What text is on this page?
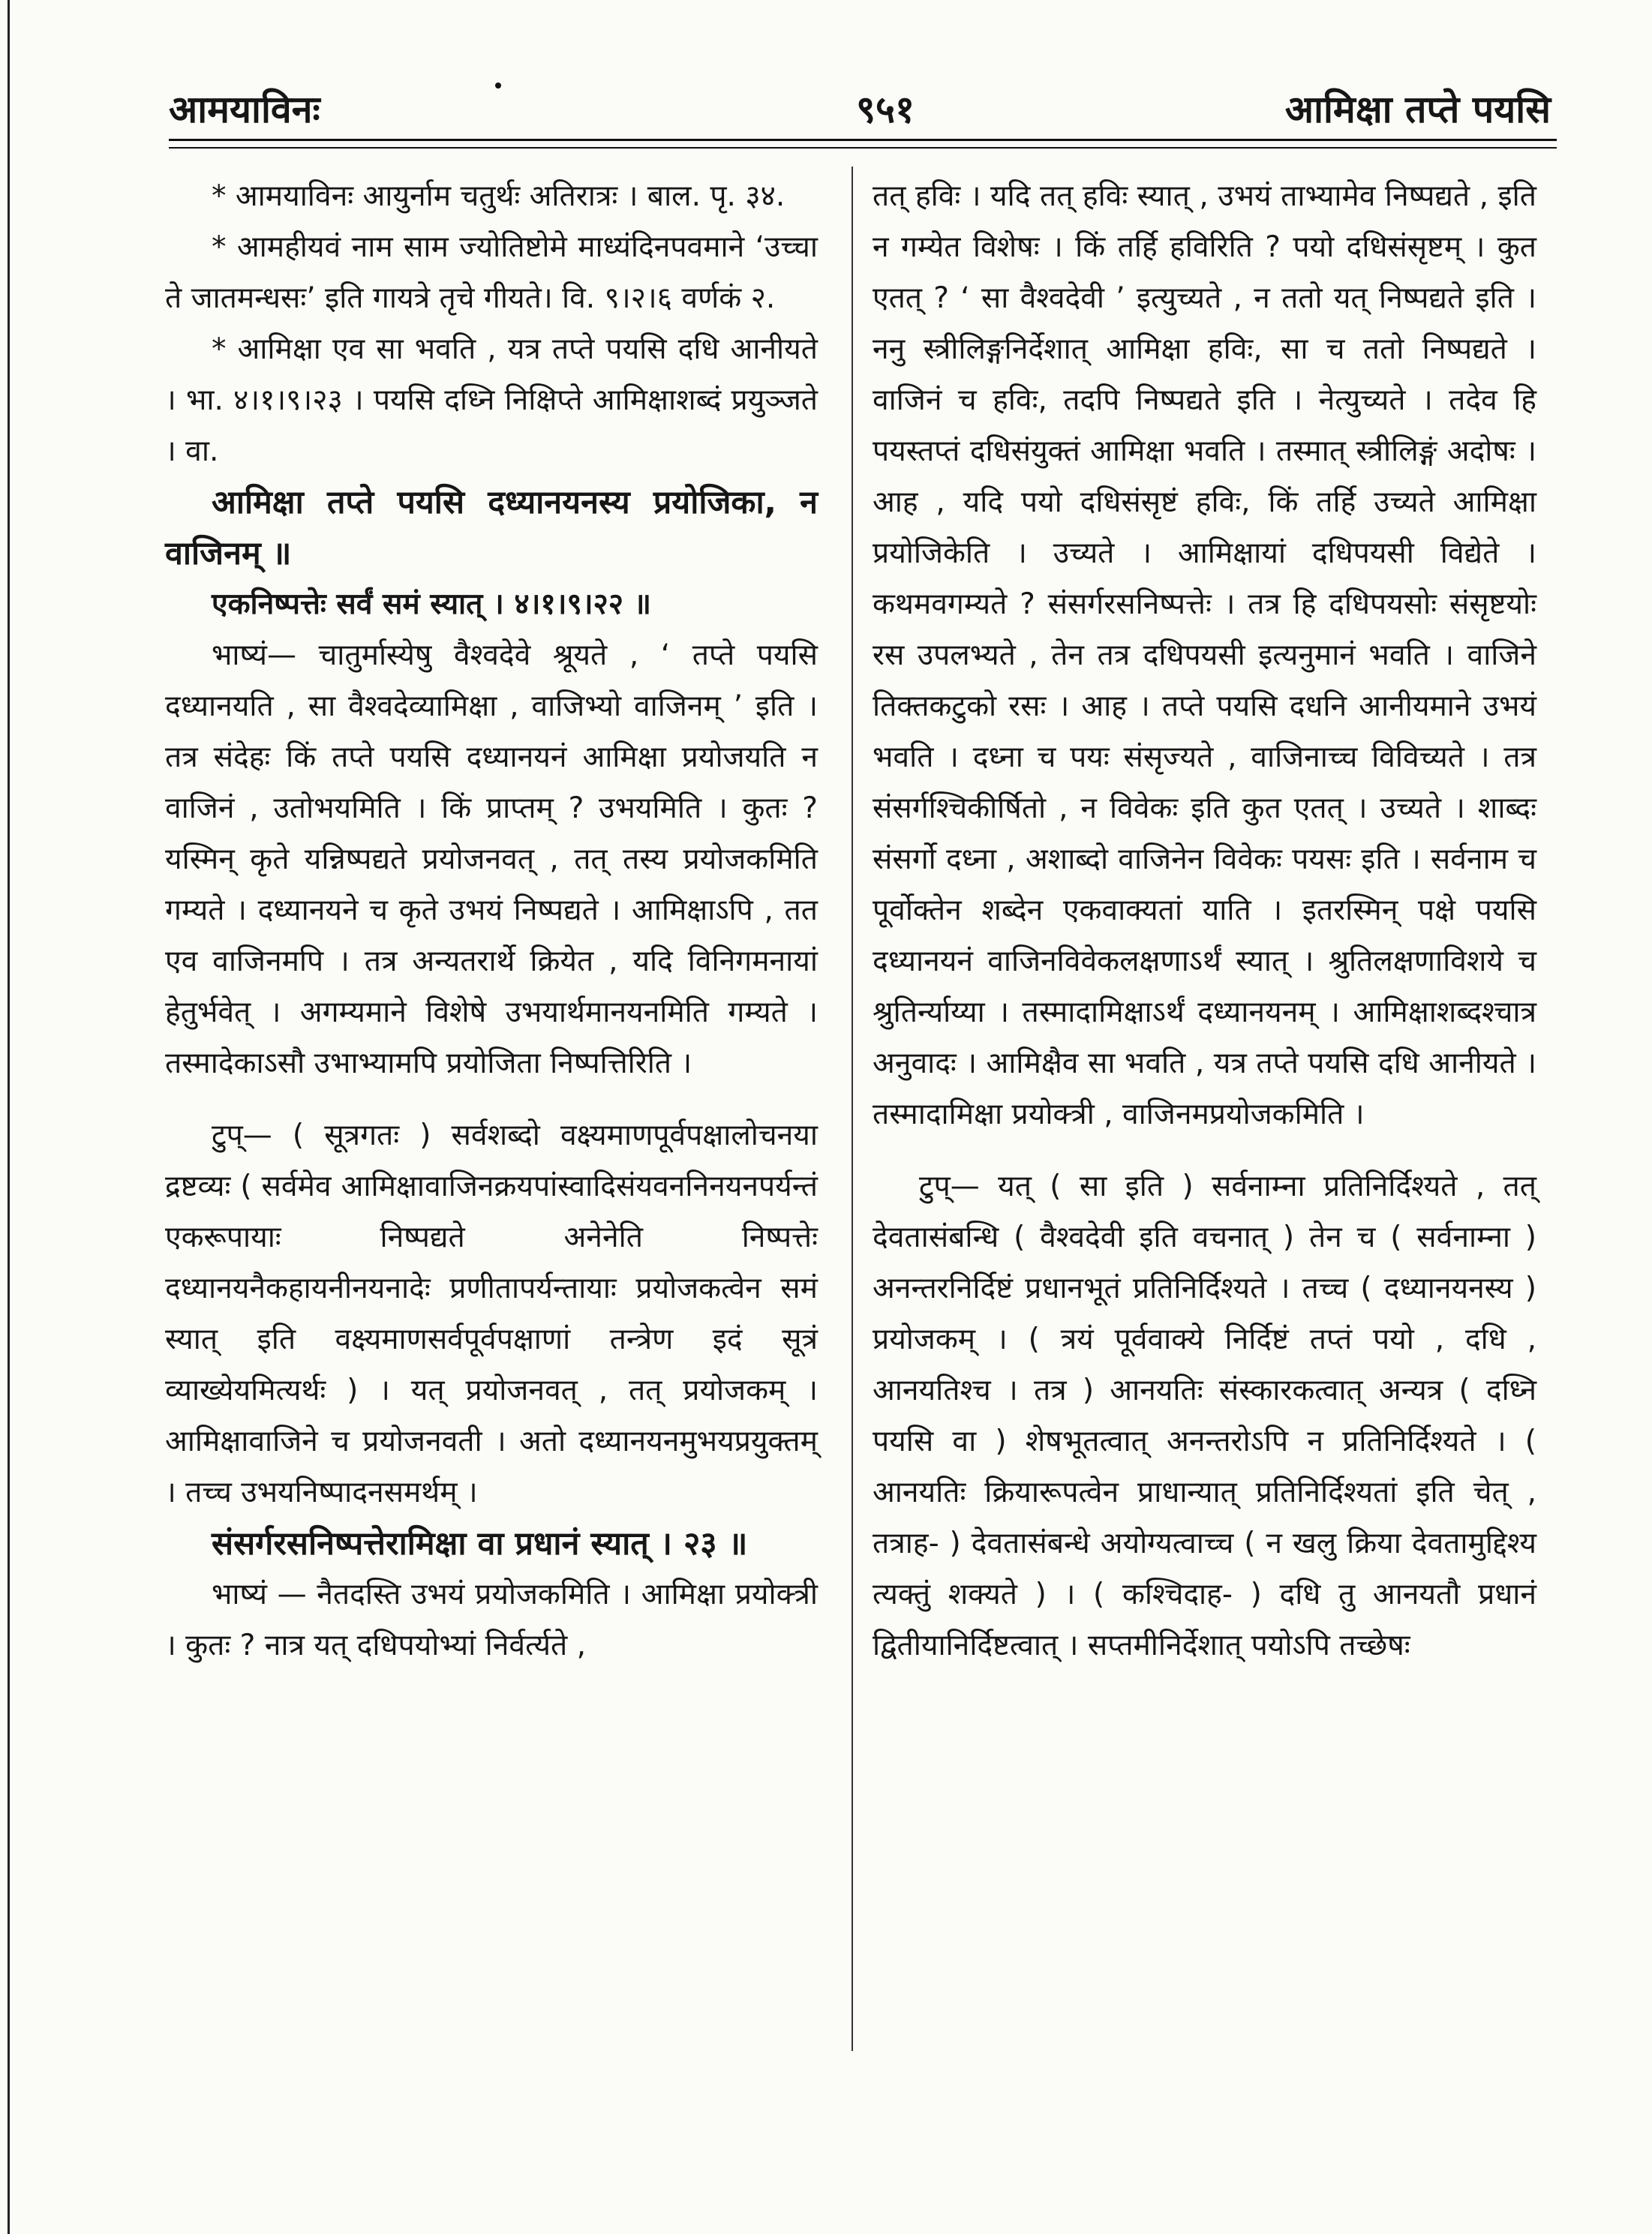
आमयाविनः	९५१	आमिक्षा तप्ते पयसि

* आमयाविनः आयुर्नाम चतुर्थः अतिरात्रः । बाल. पृ. ३४.

* आमहीयवं नाम साम ज्योतिष्टोमे माध्यंदिनपवमाने ‘उच्चा ते जातमन्धसः’ इति गायत्रे तृचे गीयते। वि. ९।२।६ वर्णकं २.

* आमिक्षा एव सा भवति , यत्र तप्ते पयसि दधि आनीयते । भा. ४।१।९।२३ । पयसि दध्नि निक्षिप्ते आमिक्षाशब्दं प्रयुञ्जते । वा.

आमिक्षा तप्ते पयसि दध्यानयनस्य प्रयोजिका, न वाजिनम् ॥

एकनिष्पत्तेः सर्वं समं स्यात् । ४।१।९।२२ ॥

भाष्यं— चातुर्मास्येषु वैश्वदेवे श्रूयते , ‘ तप्ते पयसि दध्यानयति , सा वैश्वदेव्यामिक्षा , वाजिभ्यो वाजिनम् ’ इति । तत्र संदेहः किं तप्ते पयसि दध्यानयनं आमिक्षा प्रयोजयति न वाजिनं , उतोभयमिति । किं प्राप्तम् ? उभयमिति । कुतः ? यस्मिन् कृते यन्निष्पद्यते प्रयोजनवत् , तत् तस्य प्रयोजकमिति गम्यते । दध्यानयने च कृते उभयं निष्पद्यते । आमिक्षाऽपि , तत एव वाजिनमपि । तत्र अन्यतरार्थे क्रियेत , यदि विनिगमनायां हेतुर्भवेत् । अगम्यमाने विशेषे उभयार्थमानयनमिति गम्यते । तस्मादेकाऽसौ उभाभ्यामपि प्रयोजिता निष्पत्तिरिति ।

टुप्— ( सूत्रगतः ) सर्वशब्दो वक्ष्यमाणपूर्वपक्षालोचनया द्रष्टव्यः ( सर्वमेव आमिक्षावाजिनक्रयपांस्वादिसंयवननिनयनपर्यन्तं एकरूपायाः निष्पद्यते अनेनेति निष्पत्तेः दध्यानयनैकहायनीनयनादेः प्रणीतापर्यन्तायाः प्रयोजकत्वेन समं स्यात् इति वक्ष्यमाणसर्वपूर्वपक्षाणां तन्त्रेण इदं सूत्रं व्याख्येयमित्यर्थः ) । यत् प्रयोजनवत् , तत् प्रयोजकम् । आमिक्षावाजिने च प्रयोजनवती । अतो दध्यानयनमुभयप्रयुक्तम् । तच्च उभयनिष्पादनसमर्थम् ।

संसर्गरसनिष्पत्तेरामिक्षा वा प्रधानं स्यात् । २३ ॥

भाष्यं — नैतदस्ति उभयं प्रयोजकमिति । आमिक्षा प्रयोक्त्री । कुतः ? नात्र यत् दधिपयोभ्यां निर्वर्त्यते ,

तत् हविः । यदि तत् हविः स्यात् , उभयं ताभ्यामेव निष्पद्यते , इति न गम्येत विशेषः । किं तर्हि हविरिति ? पयो दधिसंसृष्टम् । कुत एतत् ? ‘ सा वैश्वदेवी ’ इत्युच्यते , न ततो यत् निष्पद्यते इति । ननु स्त्रीलिङ्गनिर्देशात् आमिक्षा हविः, सा च ततो निष्पद्यते । वाजिनं च हविः, तदपि निष्पद्यते इति । नेत्युच्यते । तदेव हि पयस्तप्तं दधिसंयुक्तं आमिक्षा भवति । तस्मात् स्त्रीलिङ्गं अदोषः । आह , यदि पयो दधिसंसृष्टं हविः, किं तर्हि उच्यते आमिक्षा प्रयोजिकेति । उच्यते । आमिक्षायां दधिपयसी विद्येते । कथमवगम्यते ? संसर्गरसनिष्पत्तेः । तत्र हि दधिपयसोः संसृष्टयोः रस उपलभ्यते , तेन तत्र दधिपयसी इत्यनुमानं भवति । वाजिने तिक्तकटुको रसः । आह । तप्ते पयसि दधनि आनीयमाने उभयं भवति । दध्ना च पयः संसृज्यते , वाजिनाच्च विविच्यते । तत्र संसर्गश्चिकीर्षितो , न विवेकः इति कुत एतत् । उच्यते । शाब्दः संसर्गो दध्ना , अशाब्दो वाजिनेन विवेकः पयसः इति । सर्वनाम च पूर्वोक्तेन शब्देन एकवाक्यतां याति । इतरस्मिन् पक्षे पयसि दध्यानयनं वाजिनविवेकलक्षणाऽर्थं स्यात् । श्रुतिलक्षणाविशये च श्रुतिर्न्याय्या । तस्मादामिक्षाऽर्थं दध्यानयनम् । आमिक्षाशब्दश्चात्र अनुवादः । आमिक्षैव सा भवति , यत्र तप्ते पयसि दधि आनीयते । तस्मादामिक्षा प्रयोक्त्री , वाजिनमप्रयोजकमिति ।

टुप्— यत् ( सा इति ) सर्वनाम्ना प्रतिनिर्दिश्यते , तत् देवतासंबन्धि ( वैश्वदेवी इति वचनात् ) तेन च ( सर्वनाम्ना ) अनन्तरनिर्दिष्टं प्रधानभूतं प्रतिनिर्दिश्यते । तच्च ( दध्यानयनस्य ) प्रयोजकम् । ( त्रयं पूर्ववाक्ये निर्दिष्टं तप्तं पयो , दधि , आनयतिश्च । तत्र ) आनयतिः संस्कारकत्वात् अन्यत्र ( दध्नि पयसि वा ) शेषभूतत्वात् अनन्तरोऽपि न प्रतिनिर्दिश्यते । ( आनयतिः क्रियारूपत्वेन प्राधान्यात् प्रतिनिर्दिश्यतां इति चेत् , तत्राह- ) देवतासंबन्धे अयोग्यत्वाच्च ( न खलु क्रिया देवतामुद्दिश्य त्यक्तुं शक्यते ) । ( कश्चिदाह- ) दधि तु आनयतौ प्रधानं द्वितीयानिर्दिष्टत्वात् । सप्तमीनिर्देशात् पयोऽपि तच्छेषः
